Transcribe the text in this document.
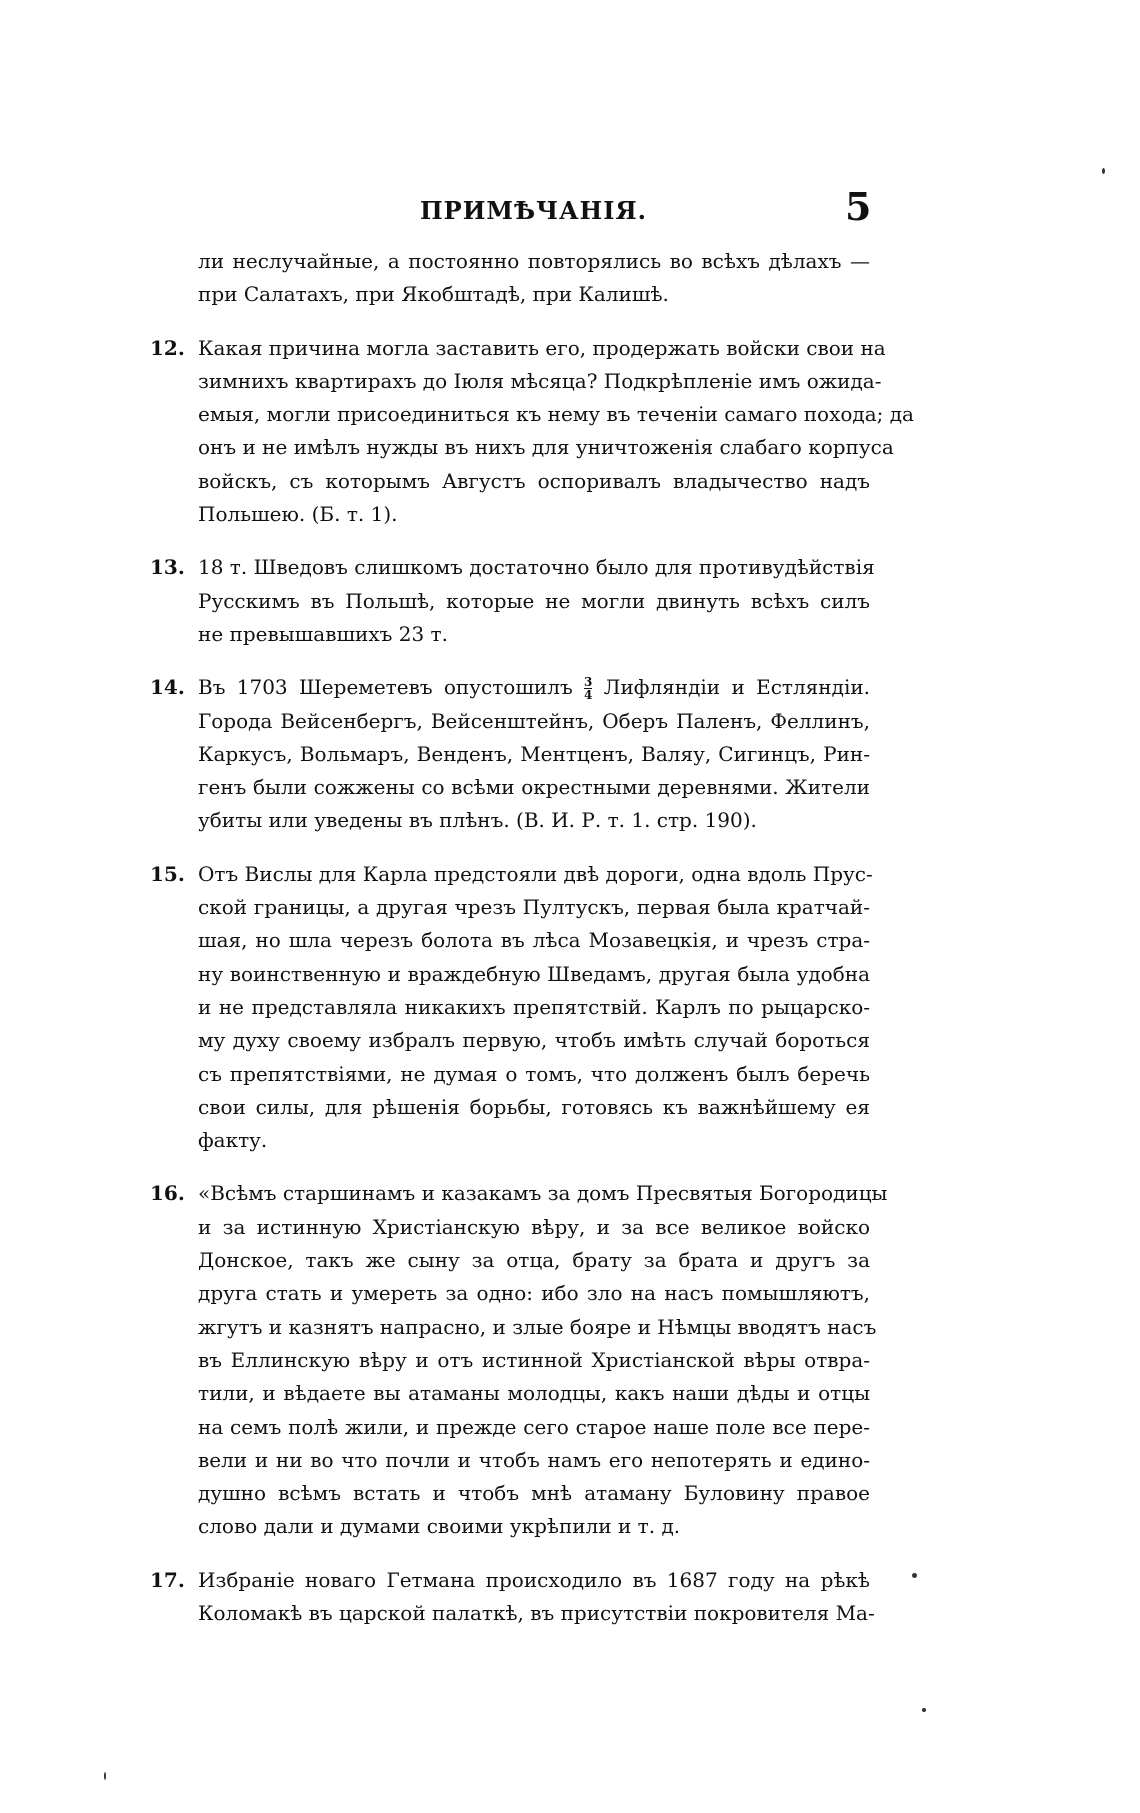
ПРИМѢЧАНІЯ.	5
ли неслучайные, а постоянно повторялись во всѣхъ дѣлахъ —
при Салатахъ, при Якобштадѣ, при Калишѣ.
12. Какая причина могла заставить его, продержать войски свои на
зимнихъ квартирахъ до Іюля мѣсяца? Подкрѣпленіе имъ ожида-
емыя, могли присоединиться къ нему въ теченіи самаго похода; да
онъ и не имѣлъ нужды въ нихъ для уничтоженія слабаго корпуса
войскъ, съ которымъ Августъ оспоривалъ владычество надъ
Польшею. (Б. т. 1).
13. 18 т. Шведовъ слишкомъ достаточно было для противудѣйствія
Русскимъ въ Польшѣ, которые не могли двинуть всѣхъ силъ
не превышавшихъ 23 т.
14. Въ 1703 Шереметевъ опустошилъ $\frac{3}{4}$ Лифляндіи и Естляндіи.
Города Вейсенбергъ, Вейсенштейнъ, Оберъ Паленъ, Феллинъ,
Каркусъ, Вольмаръ, Венденъ, Ментценъ, Валяу, Сигинцъ, Рин-
генъ были сожжены со всѣми окрестными деревнями. Жители
убиты или уведены въ плѣнъ. (В. И. Р. т. 1. стр. 190).
15. Отъ Вислы для Карла предстояли двѣ дороги, одна вдоль Прус-
ской границы, а другая чрезъ Пултускъ, первая была кратчай-
шая, но шла черезъ болота въ лѣса Мозавецкія, и чрезъ стра-
ну воинственную и враждебную Шведамъ, другая была удобна
и не представляла никакихъ препятствій. Карлъ по рыцарско-
му духу своему избралъ первую, чтобъ имѣть случай бороться
съ препятствіями, не думая о томъ, что долженъ былъ беречь
свои силы, для рѣшенія борьбы, готовясь къ важнѣйшему ея
факту.
16. «Всѣмъ старшинамъ и казакамъ за домъ Пресвятыя Богородицы
и за истинную Христіанскую вѣру, и за все великое войско
Донское, такъ же сыну за отца, брату за брата и другъ за
друга стать и умереть за одно: ибо зло на насъ помышляютъ,
жгутъ и казнятъ напрасно, и злые бояре и Нѣмцы вводятъ насъ
въ Еллинскую вѣру и отъ истинной Христіанской вѣры отвра-
тили, и вѣдаете вы атаманы молодцы, какъ наши дѣды и отцы
на семъ полѣ жили, и прежде сего старое наше поле все пере-
вели и ни во что почли и чтобъ намъ его непотерять и едино-
душно всѣмъ встать и чтобъ мнѣ атаману Буловину правое
слово дали и думами своими укрѣпили и т. д.
17. Избраніе новаго Гетмана происходило въ 1687 году на рѣкѣ
Коломакѣ въ царской палаткѣ, въ присутствіи покровителя Ма-
